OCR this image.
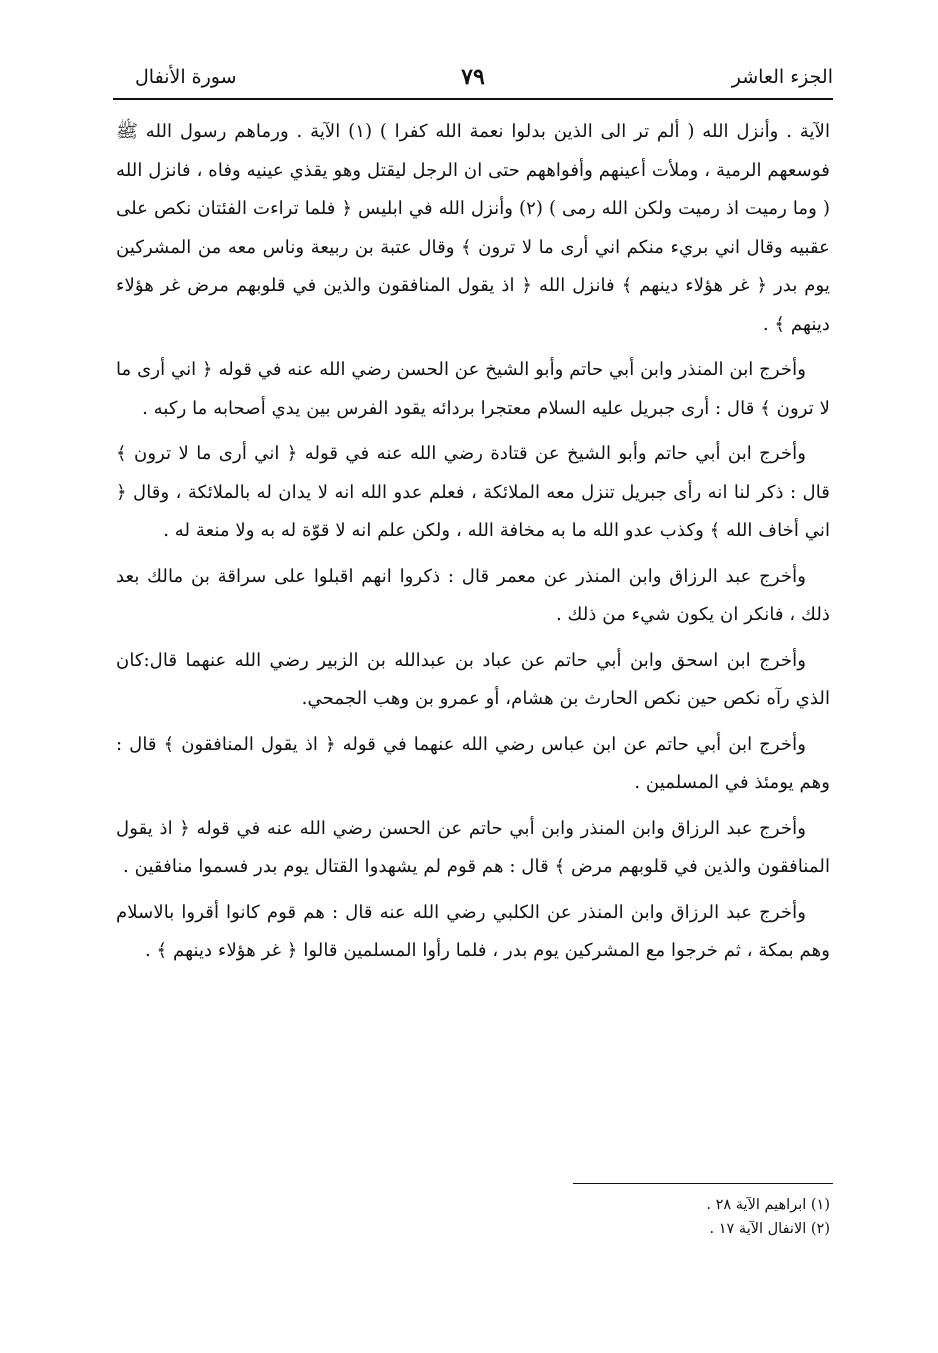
الجزء العاشر
٧٩
سورة الأنفال

الآية . وأنزل الله ( ألم تر الى الذين بدلوا نعمة الله كفرا ) (١) الآية . ورماهم رسول الله ﷺ فوسعهم الرمية ، وملأت أعينهم وأفواههم حتى ان الرجل ليقتل وهو يقذي عينيه وفاه ، فانزل الله ( وما رميت اذ رميت ولكن الله رمى ) (٢) وأنزل الله في ابليس ﴿ فلما تراءت الفئتان نكص على عقبيه وقال اني بريء منكم اني أرى ما لا ترون ﴾ وقال عتبة بن ربيعة وناس معه من المشركين يوم بدر ﴿ غر هؤلاء دينهم ﴾ فانزل الله ﴿ اذ يقول المنافقون والذين في قلوبهم مرض غر هؤلاء دينهم ﴾ .

وأخرج ابن المنذر وابن أبي حاتم وأبو الشيخ عن الحسن رضي الله عنه في قوله ﴿ اني أرى ما لا ترون ﴾ قال : أرى جبريل عليه السلام معتجرا بردائه يقود الفرس بين يدي أصحابه ما ركبه .

وأخرج ابن أبي حاتم وأبو الشيخ عن قتادة رضي الله عنه في قوله ﴿ اني أرى ما لا ترون ﴾ قال : ذكر لنا انه رأى جبريل تنزل معه الملائكة ، فعلم عدو الله انه لا يدان له بالملائكة ، وقال ﴿ اني أخاف الله ﴾ وكذب عدو الله ما به مخافة الله ، ولكن علم انه لا قوّة له به ولا منعة له .

وأخرج عبد الرزاق وابن المنذر عن معمر قال : ذكروا انهم اقبلوا على سراقة بن مالك بعد ذلك ، فانكر ان يكون شيء من ذلك .

وأخرج ابن اسحق وابن أبي حاتم عن عباد بن عبدالله بن الزبير رضي الله عنهما قال:كان الذي رآه نكص حين نكص الحارث بن هشام، أو عمرو بن وهب الجمحي.

وأخرج ابن أبي حاتم عن ابن عباس رضي الله عنهما في قوله ﴿ اذ يقول المنافقون ﴾ قال : وهم يومئذ في المسلمين .

وأخرج عبد الرزاق وابن المنذر وابن أبي حاتم عن الحسن رضي الله عنه في قوله ﴿ اذ يقول المنافقون والذين في قلوبهم مرض ﴾ قال : هم قوم لم يشهدوا القتال يوم بدر فسموا منافقين .

وأخرج عبد الرزاق وابن المنذر عن الكلبي رضي الله عنه قال : هم قوم كانوا أقروا بالاسلام وهم بمكة ، ثم خرجوا مع المشركين يوم بدر ، فلما رأوا المسلمين قالوا ﴿ غر هؤلاء دينهم ﴾ .

(١) ابراهيم الآية ٢٨ .
(٢) الانفال الآية ١٧ .
